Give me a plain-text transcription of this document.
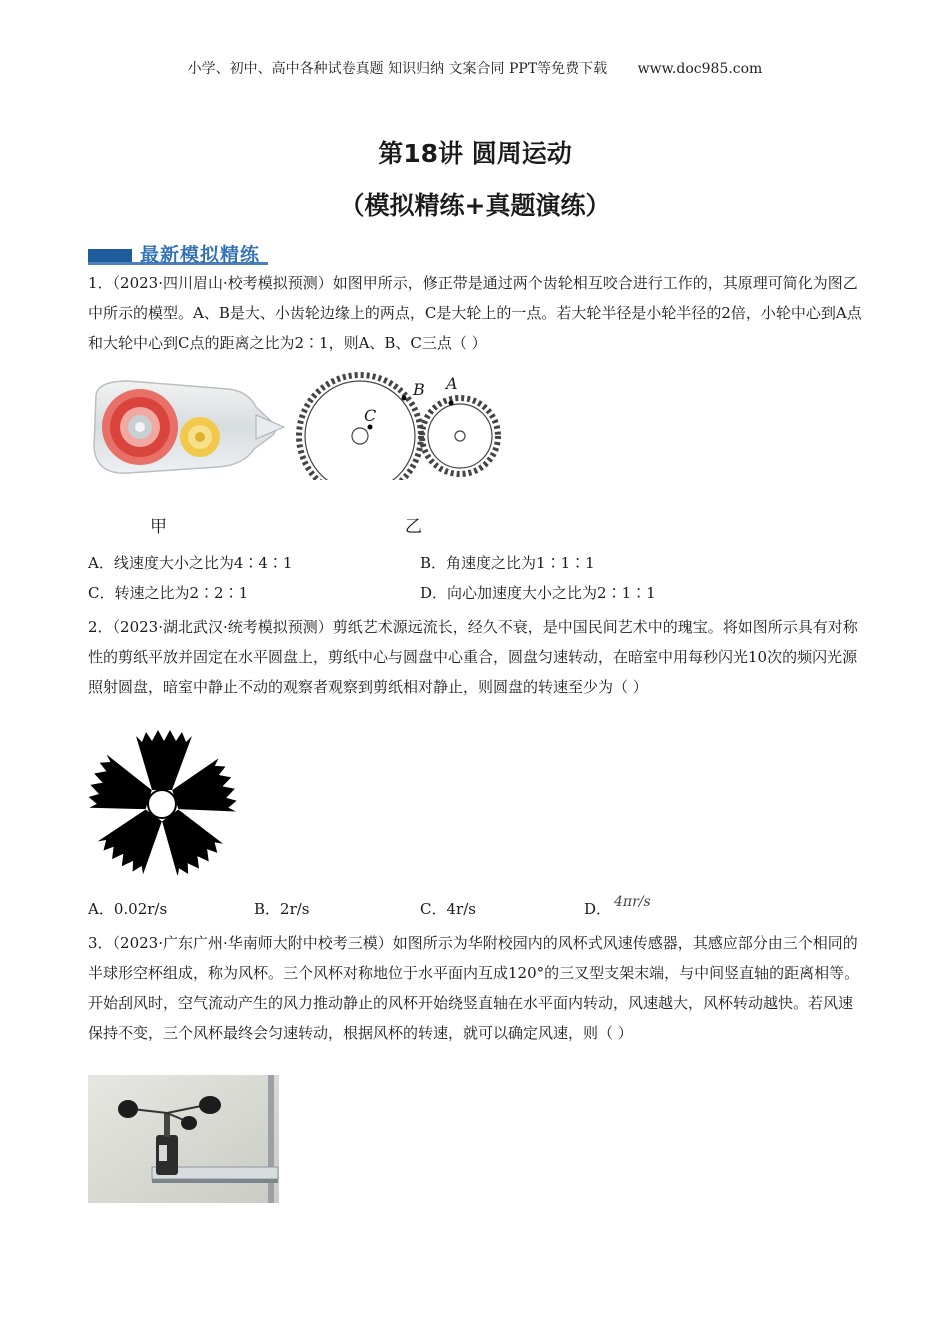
小学、初中、高中各种试卷真题 知识归纳 文案合同 PPT等免费下载 www.doc985.com
第18讲 圆周运动
（模拟精练+真题演练）
最新模拟精练
1．（2023·四川眉山·校考模拟预测）如图甲所示，修正带是通过两个齿轮相互咬合进行工作的，其原理可简化为图乙中所示的模型。A、B是大、小齿轮边缘上的两点，C是大轮上的一点。若大轮半径是小轮半径的2倍，小轮中心到A点和大轮中心到C点的距离之比为2∶1，则A、B、C三点（ ）
甲
C
B A
乙
A．线速度大小之比为4∶4∶1	B．角速度之比为1∶1∶1
C．转速之比为2∶2∶1	D．向心加速度大小之比为2∶1∶1
2．（2023·湖北武汉·统考模拟预测）剪纸艺术源远流长，经久不衰，是中国民间艺术中的瑰宝。将如图所示具有对称性的剪纸平放并固定在水平圆盘上，剪纸中心与圆盘中心重合，圆盘匀速转动，在暗室中用每秒闪光10次的频闪光源照射圆盘，暗室中静止不动的观察者观察到剪纸相对静止，则圆盘的转速至少为（ ）
A．0.02r/s	B．2r/s	C．4r/s	D． 4πr/s
3．（2023·广东广州·华南师大附中校考三模）如图所示为华附校园内的风杯式风速传感器，其感应部分由三个相同的半球形空杯组成，称为风杯。三个风杯对称地位于水平面内互成120°的三叉型支架末端，与中间竖直轴的距离相等。开始刮风时，空气流动产生的风力推动静止的风杯开始绕竖直轴在水平面内转动，风速越大，风杯转动越快。若风速保持不变，三个风杯最终会匀速转动，根据风杯的转速，就可以确定风速，则（ ）
